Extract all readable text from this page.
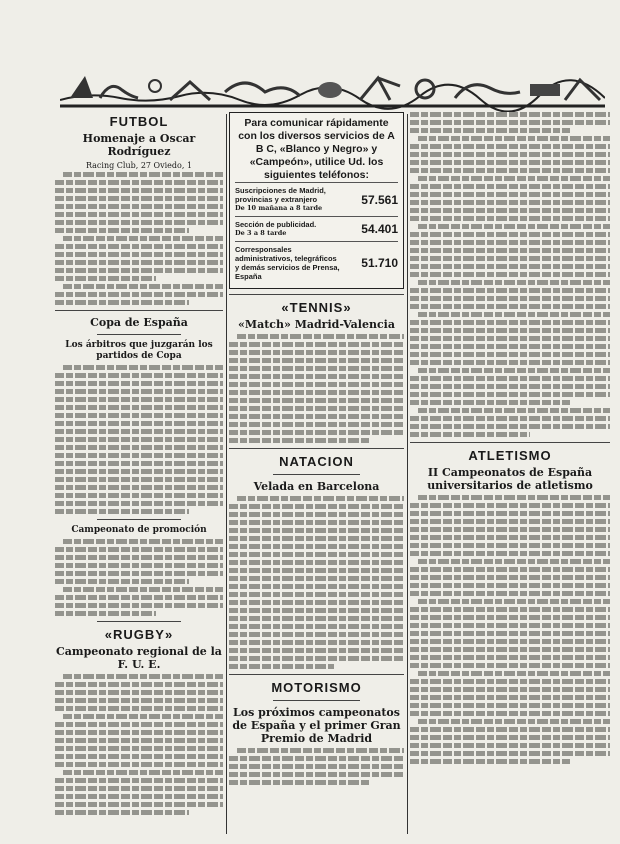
FUTBOL
Homenaje a Oscar Rodríguez
Racing Club, 27 Oviedo, 1
Copa de España
Los árbitros que juzgarán los partidos de Copa
Campeonato de promoción
«RUGBY»
Campeonato regional de la F. U. E.
Para comunicar rápidamente con los diversos servicios de A B C, «Blanco y Negro» y «Campeón», utilice Ud. los siguientes teléfonos:
Suscripciones de Madrid, provincias y extranjero
De 10 mañana a 8 tarde
57.561
Sección de publicidad.
De 3 a 8 tarde	54.401
Corresponsales administrativos, telegráficos y demás servicios de Prensa, España
51.710
«TENNIS»
«Match» Madrid-Valencia
NATACION
Velada en Barcelona
MOTORISMO
Los próximos campeonatos de España y el primer Gran Premio de Madrid
ATLETISMO
II Campeonatos de España universitarios de atletismo
